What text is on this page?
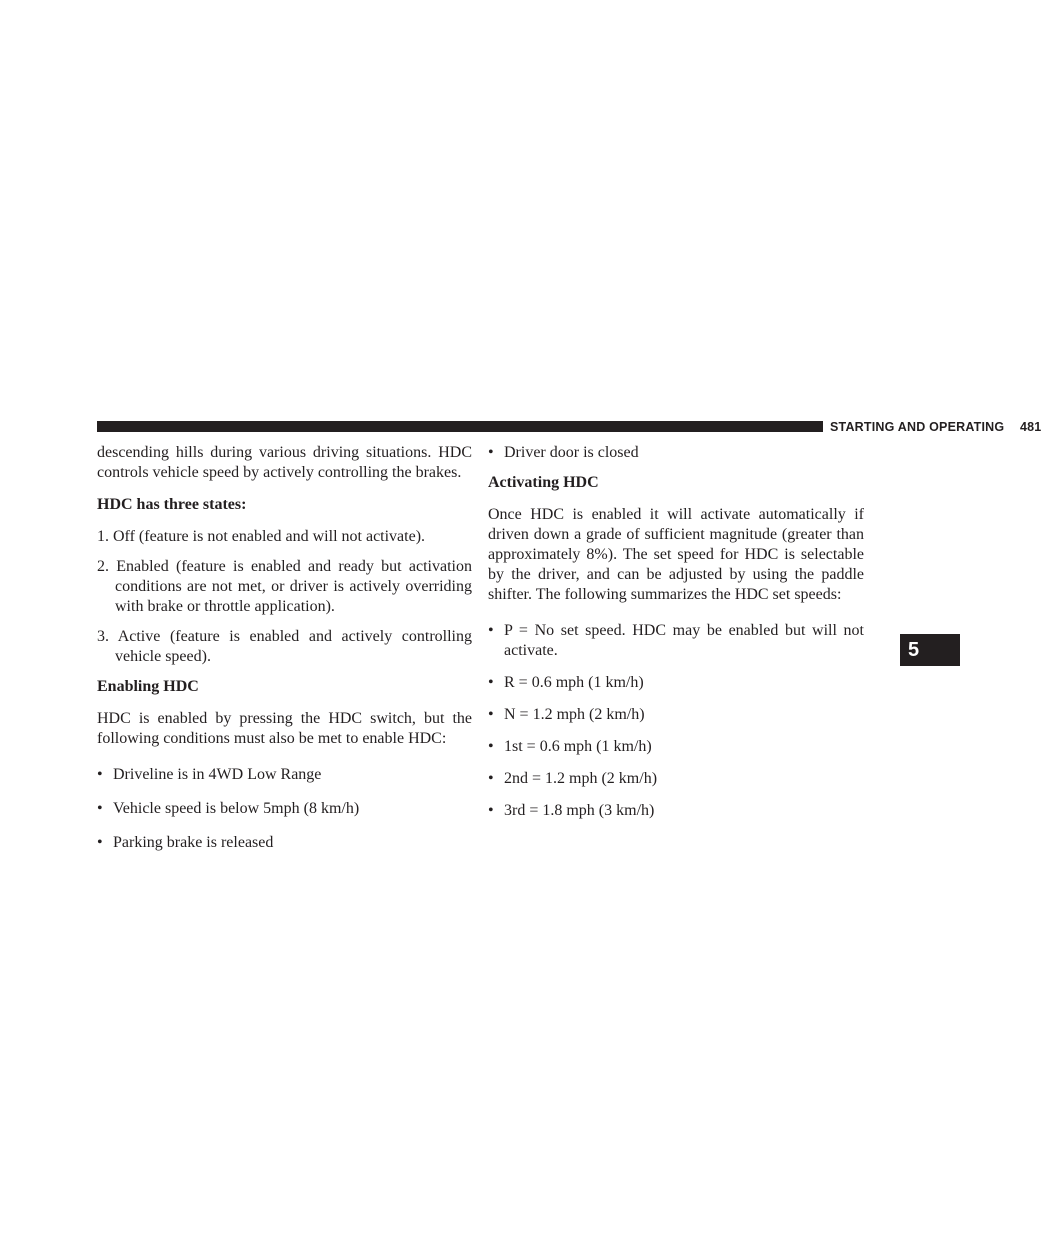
STARTING AND OPERATING 481
5

descending hills during various driving situations. HDC controls vehicle speed by actively controlling the brakes.

HDC has three states:

1. Off (feature is not enabled and will not activate).

2. Enabled (feature is enabled and ready but activation conditions are not met, or driver is actively overriding with brake or throttle application).

3. Active (feature is enabled and actively controlling vehicle speed).

Enabling HDC

HDC is enabled by pressing the HDC switch, but the following conditions must also be met to enable HDC:

• Driveline is in 4WD Low Range

• Vehicle speed is below 5mph (8 km/h)

• Parking brake is released

• Driver door is closed

Activating HDC

Once HDC is enabled it will activate automatically if driven down a grade of sufficient magnitude (greater than approximately 8%). The set speed for HDC is selectable by the driver, and can be adjusted by using the paddle shifter. The following summarizes the HDC set speeds:

• P = No set speed. HDC may be enabled but will not activate.

• R = 0.6 mph (1 km/h)

• N = 1.2 mph (2 km/h)

• 1st = 0.6 mph (1 km/h)

• 2nd = 1.2 mph (2 km/h)

• 3rd = 1.8 mph (3 km/h)
